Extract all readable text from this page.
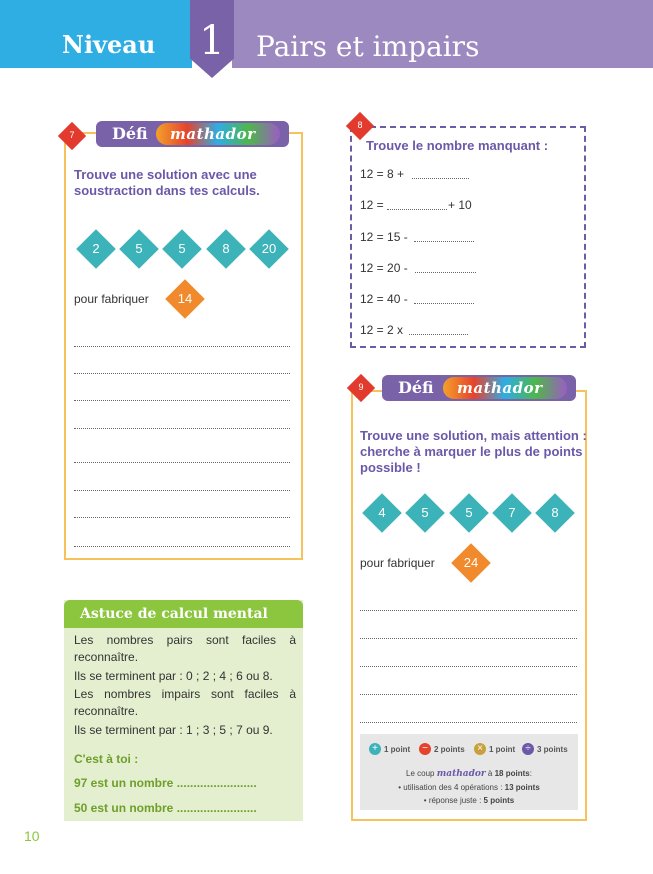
Niveau 1	Pairs et impairs
7	Défi mathador
Trouve une solution avec une
soustraction dans tes calculs.
2	5	5	8	20
pour fabriquer	14
8
Trouve le nombre manquant :
12 = 8 +
12 =	+ 10
12 = 15 -
12 = 20 -
12 = 40 -
12 = 2 x
9	Défi mathador
Trouve une solution, mais attention :
cherche à marquer le plus de points
possible !
4	5	5	7	8
pour fabriquer	24
+ 1 point	− 2 points	× 1 point	÷ 3 points
Le coup mathador à 18 points:
• utilisation des 4 opérations : 13 points
• réponse juste : 5 points
Astuce de calcul mental
Les nombres pairs sont faciles à reconnaître.
Ils se terminent par : 0 ; 2 ; 4 ; 6 ou 8.
Les nombres impairs sont faciles à reconnaître.
Ils se terminent par : 1 ; 3 ; 5 ; 7 ou 9.
C'est à toi :
97 est un nombre ........................
50 est un nombre ........................
10
